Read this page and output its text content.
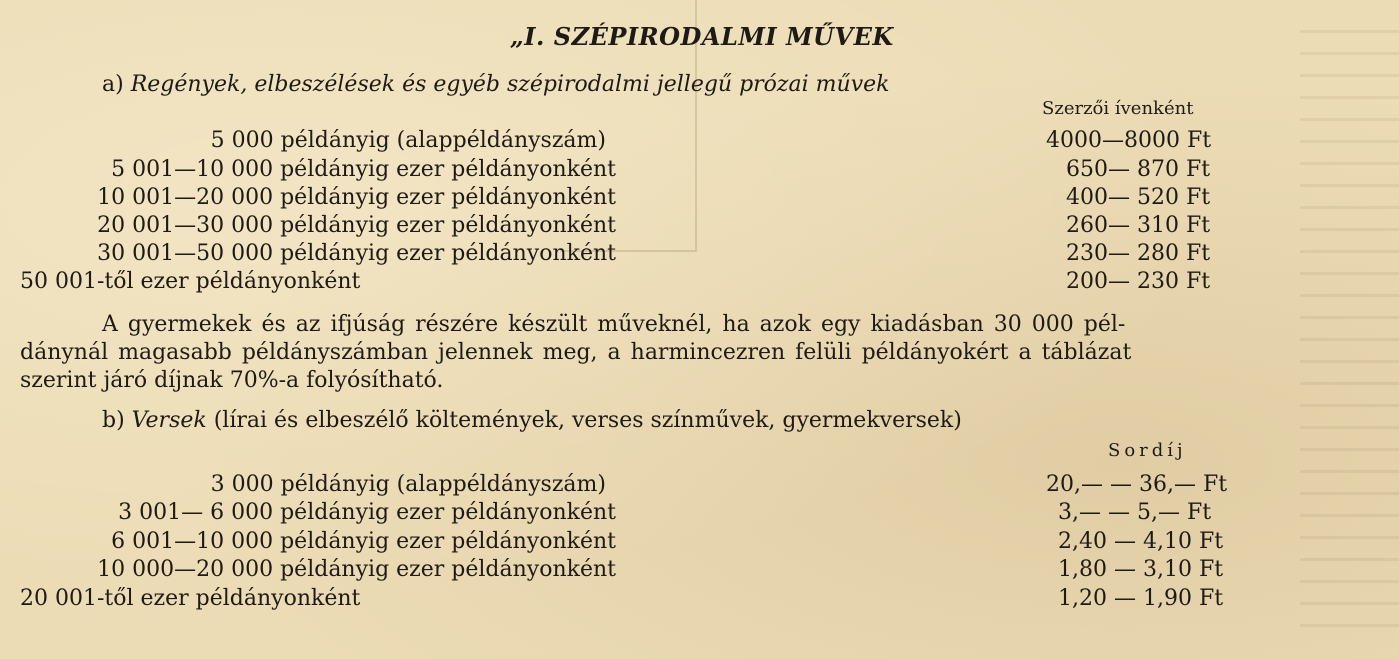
„I. SZÉPIRODALMI MŰVEK
a) Regények, elbeszélések és egyéb szépirodalmi jellegű prózai művek
Szerzői ívenként
5 000 példányig (alappéldányszám)	4000—8000 Ft
5 001—10 000 példányig ezer példányonként	650— 870 Ft
10 001—20 000 példányig ezer példányonként	400— 520 Ft
20 001—30 000 példányig ezer példányonként	260— 310 Ft
30 001—50 000 példányig ezer példányonként	230— 280 Ft
50 001-től ezer példányonként	200— 230 Ft
A gyermekek és az ifjúság részére készült műveknél, ha azok egy kiadásban 30 000 pél-
dánynál magasabb példányszámban jelennek meg, a harmincezren felüli példányokért a táblázat
szerint járó díjnak 70%-a folyósítható.
b) Versek (lírai és elbeszélő költemények, verses színművek, gyermekversek)
Sordíj
3 000 példányig (alappéldányszám)	20,— — 36,— Ft
3 001— 6 000 példányig ezer példányonként	3,— — 5,— Ft
6 001—10 000 példányig ezer példányonként	2,40 — 4,10 Ft
10 000—20 000 példányig ezer példányonként	1,80 — 3,10 Ft
20 001-től ezer példányonként	1,20 — 1,90 Ft
